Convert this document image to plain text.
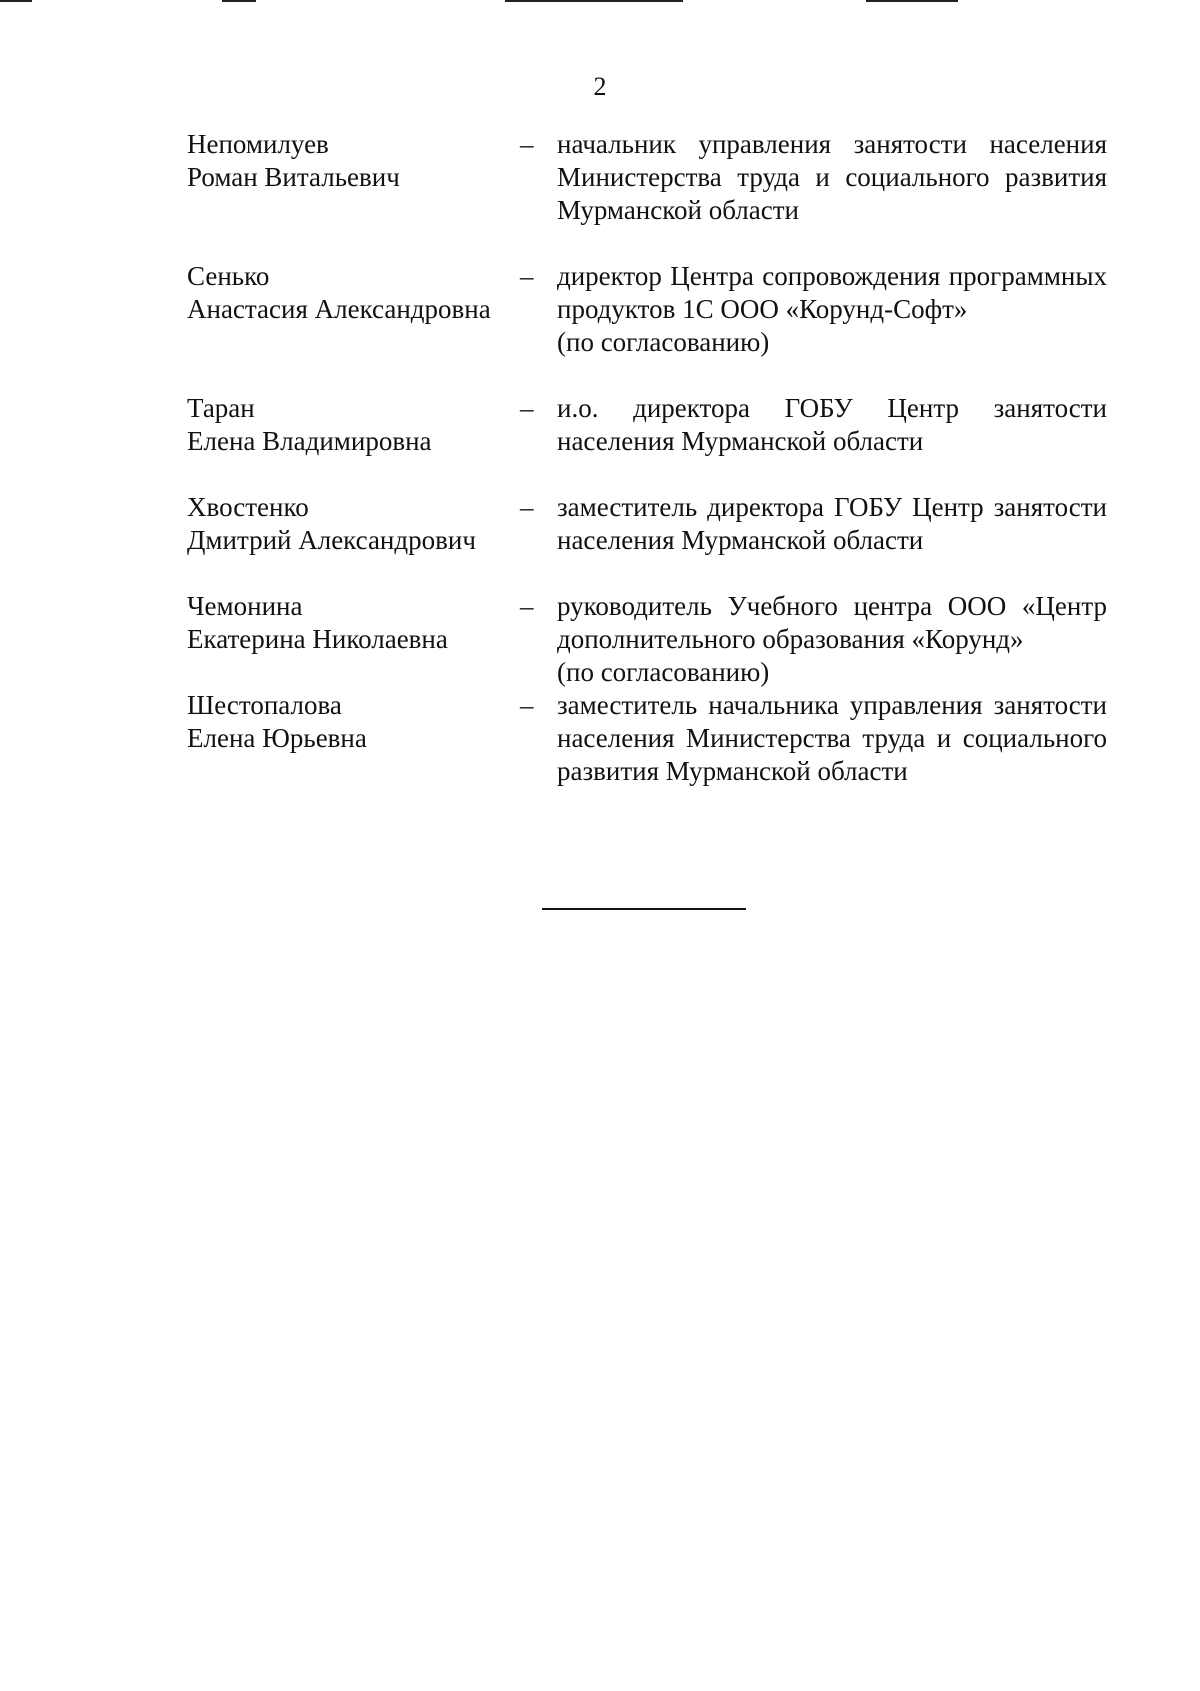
2
Непомилуев
Роман Витальевич
– начальник управления занятости населения Министерства труда и социального развития Мурманской области
Сенько
Анастасия Александровна
– директор Центра сопровождения программных продуктов 1С ООО «Корунд-Софт»
(по согласованию)
Таран
Елена Владимировна
– и.о. директора ГОБУ Центр занятости населения Мурманской области
Хвостенко
Дмитрий Александрович
– заместитель директора ГОБУ Центр занятости населения Мурманской области
Чемонина
Екатерина Николаевна
– руководитель Учебного центра ООО «Центр дополнительного образования «Корунд»
(по согласованию)
Шестопалова
Елена Юрьевна
– заместитель начальника управления занятости населения Министерства труда и социального развития Мурманской области
